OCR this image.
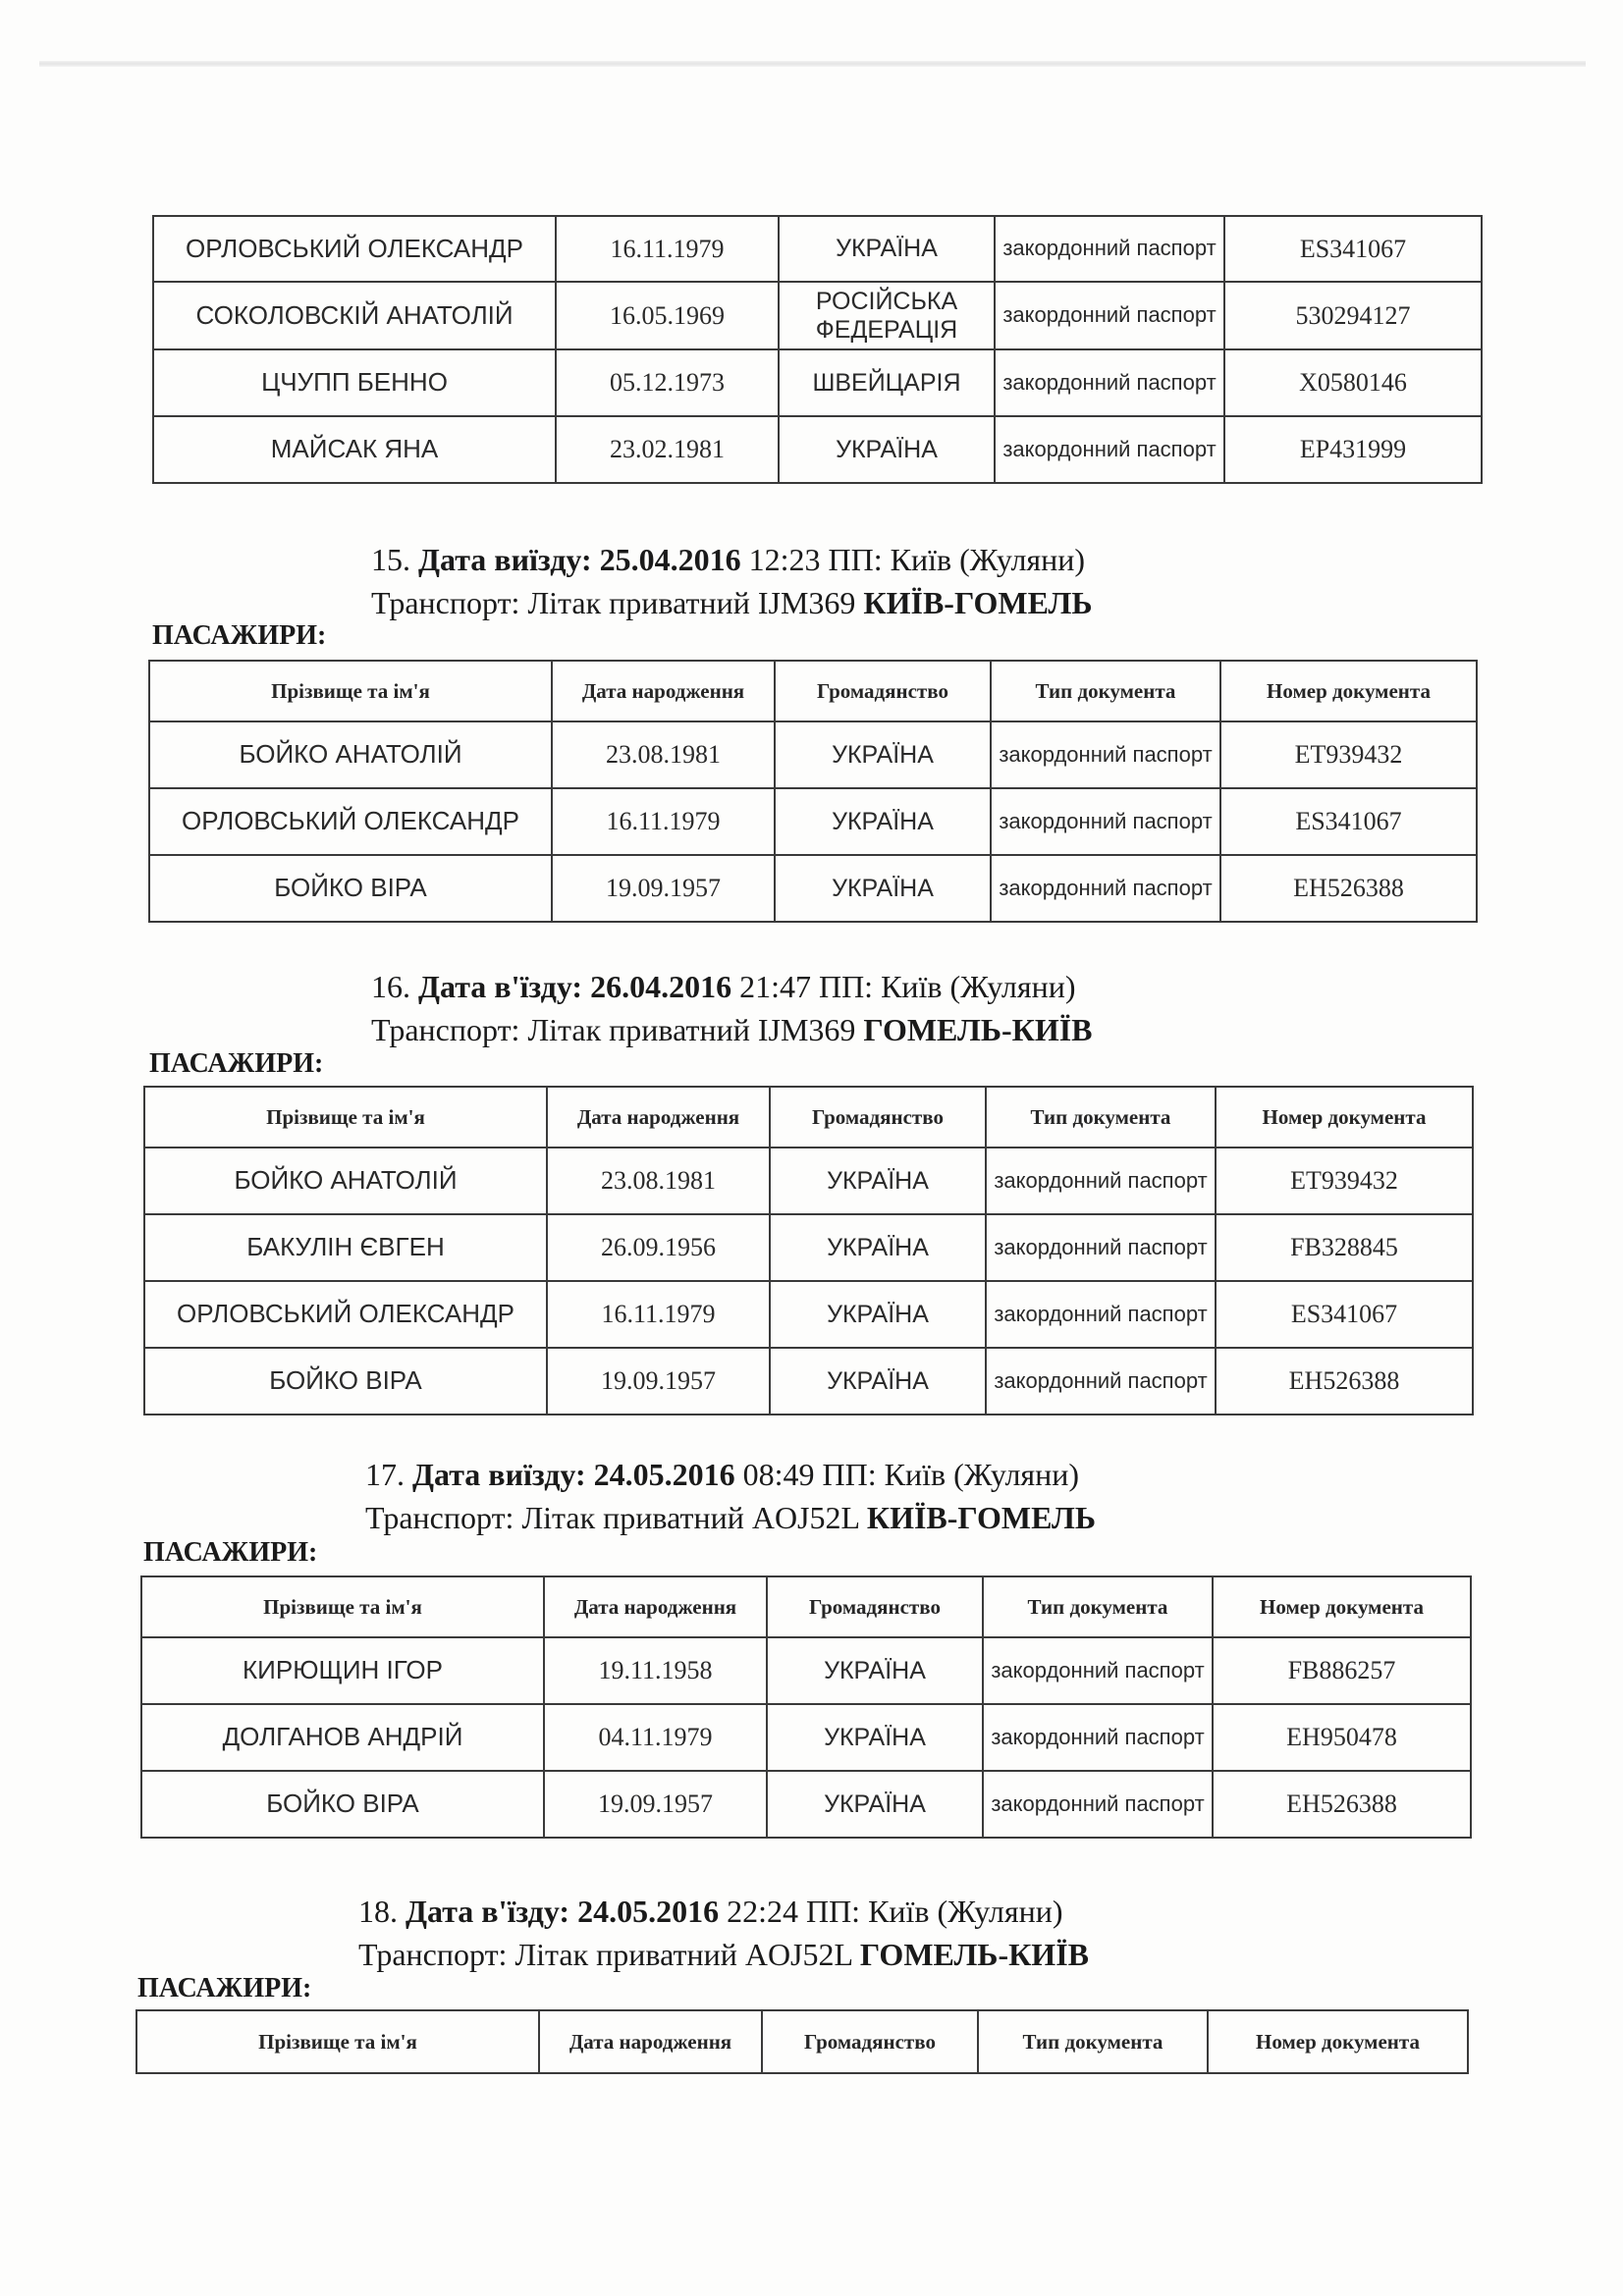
ОРЛОВСЬКИЙ ОЛЕКСАНДР	16.11.1979	УКРАЇНА	закордонний паспорт	ES341067
СОКОЛОВСКІЙ АНАТОЛІЙ	16.05.1969	РОСІЙСЬКА ФЕДЕРАЦІЯ	закордонний паспорт	530294127
ЦЧУПП БЕННО	05.12.1973	ШВЕЙЦАРІЯ	закордонний паспорт	X0580146
МАЙСАК ЯНА	23.02.1981	УКРАЇНА	закордонний паспорт	EP431999
15. Дата виїзду: 25.04.2016 12:23 ПП: Київ (Жуляни)
Транспорт: Літак приватний IJM369 КИЇВ-ГОМЕЛЬ
ПАСАЖИРИ:
Прізвище та ім'я	Дата народження	Громадянство	Тип документа	Номер документа
БОЙКО АНАТОЛІЙ	23.08.1981	УКРАЇНА	закордонний паспорт	ET939432
ОРЛОВСЬКИЙ ОЛЕКСАНДР	16.11.1979	УКРАЇНА	закордонний паспорт	ES341067
БОЙКО ВІРА	19.09.1957	УКРАЇНА	закордонний паспорт	EH526388
16. Дата в'їзду: 26.04.2016 21:47 ПП: Київ (Жуляни)
Транспорт: Літак приватний IJM369 ГОМЕЛЬ-КИЇВ
ПАСАЖИРИ:
Прізвище та ім'я	Дата народження	Громадянство	Тип документа	Номер документа
БОЙКО АНАТОЛІЙ	23.08.1981	УКРАЇНА	закордонний паспорт	ET939432
БАКУЛІН ЄВГЕН	26.09.1956	УКРАЇНА	закордонний паспорт	FB328845
ОРЛОВСЬКИЙ ОЛЕКСАНДР	16.11.1979	УКРАЇНА	закордонний паспорт	ES341067
БОЙКО ВІРА	19.09.1957	УКРАЇНА	закордонний паспорт	EH526388
17. Дата виїзду: 24.05.2016 08:49 ПП: Київ (Жуляни)
Транспорт: Літак приватний AOJ52L КИЇВ-ГОМЕЛЬ
ПАСАЖИРИ:
Прізвище та ім'я	Дата народження	Громадянство	Тип документа	Номер документа
КИРЮЩИН ІГОР	19.11.1958	УКРАЇНА	закордонний паспорт	FB886257
ДОЛГАНОВ АНДРІЙ	04.11.1979	УКРАЇНА	закордонний паспорт	EH950478
БОЙКО ВІРА	19.09.1957	УКРАЇНА	закордонний паспорт	EH526388
18. Дата в'їзду: 24.05.2016 22:24 ПП: Київ (Жуляни)
Транспорт: Літак приватний AOJ52L ГОМЕЛЬ-КИЇВ
ПАСАЖИРИ:
Прізвище та ім'я	Дата народження	Громадянство	Тип документа	Номер документа
